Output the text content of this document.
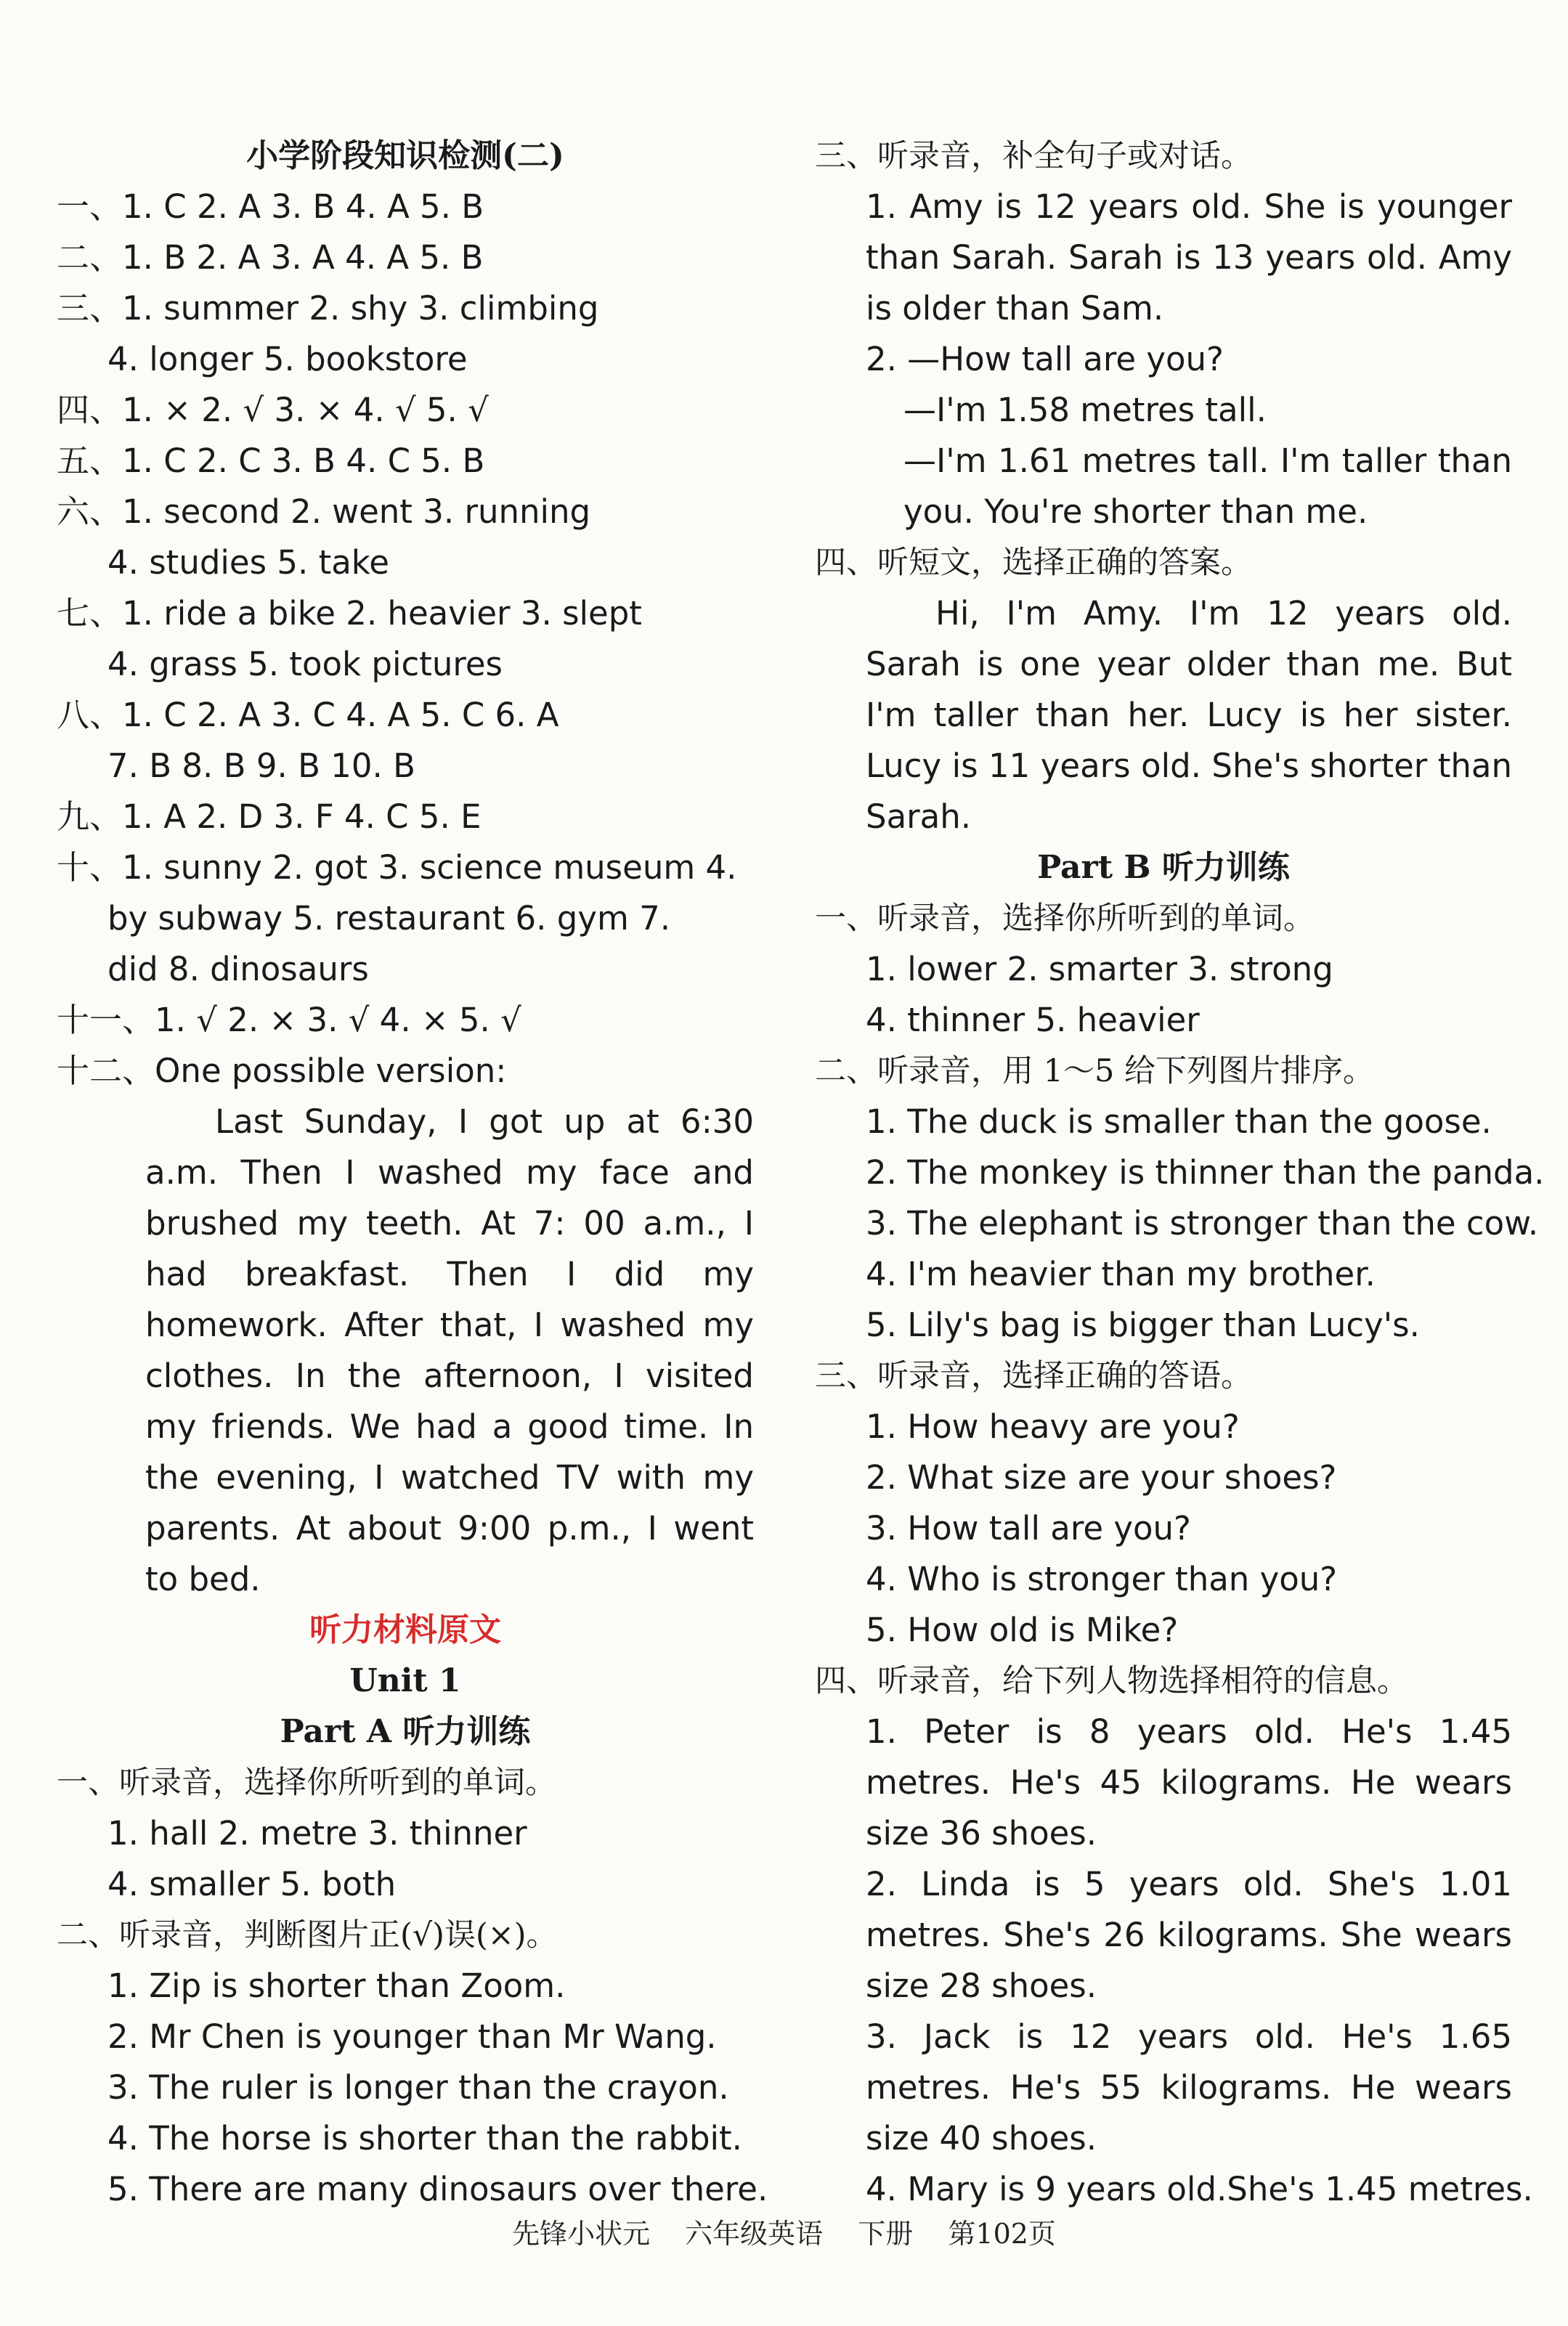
小学阶段知识检测(二)
一、1. C 2. A 3. B 4. A 5. B
二、1. B 2. A 3. A 4. A 5. B
三、1. summer 2. shy 3. climbing
4. longer 5. bookstore
四、1. × 2. √ 3. × 4. √ 5. √
五、1. C 2. C 3. B 4. C 5. B
六、1. second 2. went 3. running
4. studies 5. take
七、1. ride a bike 2. heavier 3. slept
4. grass 5. took pictures
八、1. C 2. A 3. C 4. A 5. C 6. A
7. B 8. B 9. B 10. B
九、1. A 2. D 3. F 4. C 5. E
十、1. sunny 2. got 3. science museum 4.
by subway 5. restaurant 6. gym 7.
did 8. dinosaurs
十一、1. √ 2. × 3. √ 4. × 5. √
十二、One possible version:
Last Sunday, I got up at 6:30 a.m. Then I washed my face and brushed my teeth. At 7: 00 a.m., I had breakfast. Then I did my homework. After that, I washed my clothes. In the afternoon, I visited my friends. We had a good time. In the evening, I watched TV with my parents. At about 9:00 p.m., I went to bed.
听力材料原文
Unit 1
Part A 听力训练
一、听录音，选择你所听到的单词。
1. hall 2. metre 3. thinner
4. smaller 5. both
二、听录音，判断图片正(√)误(×)。
1. Zip is shorter than Zoom.
2. Mr Chen is younger than Mr Wang.
3. The ruler is longer than the crayon.
4. The horse is shorter than the rabbit.
5. There are many dinosaurs over there.
三、听录音，补全句子或对话。
1. Amy is 12 years old. She is younger than Sarah. Sarah is 13 years old. Amy is older than Sam.
2. —How tall are you?
—I'm 1.58 metres tall.
—I'm 1.61 metres tall. I'm taller than you. You're shorter than me.
四、听短文，选择正确的答案。
Hi, I'm Amy. I'm 12 years old. Sarah is one year older than me. But I'm taller than her. Lucy is her sister. Lucy is 11 years old. She's shorter than Sarah.
Part B 听力训练
一、听录音，选择你所听到的单词。
1. lower 2. smarter 3. strong
4. thinner 5. heavier
二、听录音，用 1～5 给下列图片排序。
1. The duck is smaller than the goose.
2. The monkey is thinner than the panda.
3. The elephant is stronger than the cow.
4. I'm heavier than my brother.
5. Lily's bag is bigger than Lucy's.
三、听录音，选择正确的答语。
1. How heavy are you?
2. What size are your shoes?
3. How tall are you?
4. Who is stronger than you?
5. How old is Mike?
四、听录音，给下列人物选择相符的信息。
1. Peter is 8 years old. He's 1.45 metres. He's 45 kilograms. He wears size 36 shoes.
2. Linda is 5 years old. She's 1.01 metres. She's 26 kilograms. She wears size 28 shoes.
3. Jack is 12 years old. He's 1.65 metres. He's 55 kilograms. He wears size 40 shoes.
4. Mary is 9 years old.She's 1.45 metres.
先锋小状元 六年级英语 下册 第102页
